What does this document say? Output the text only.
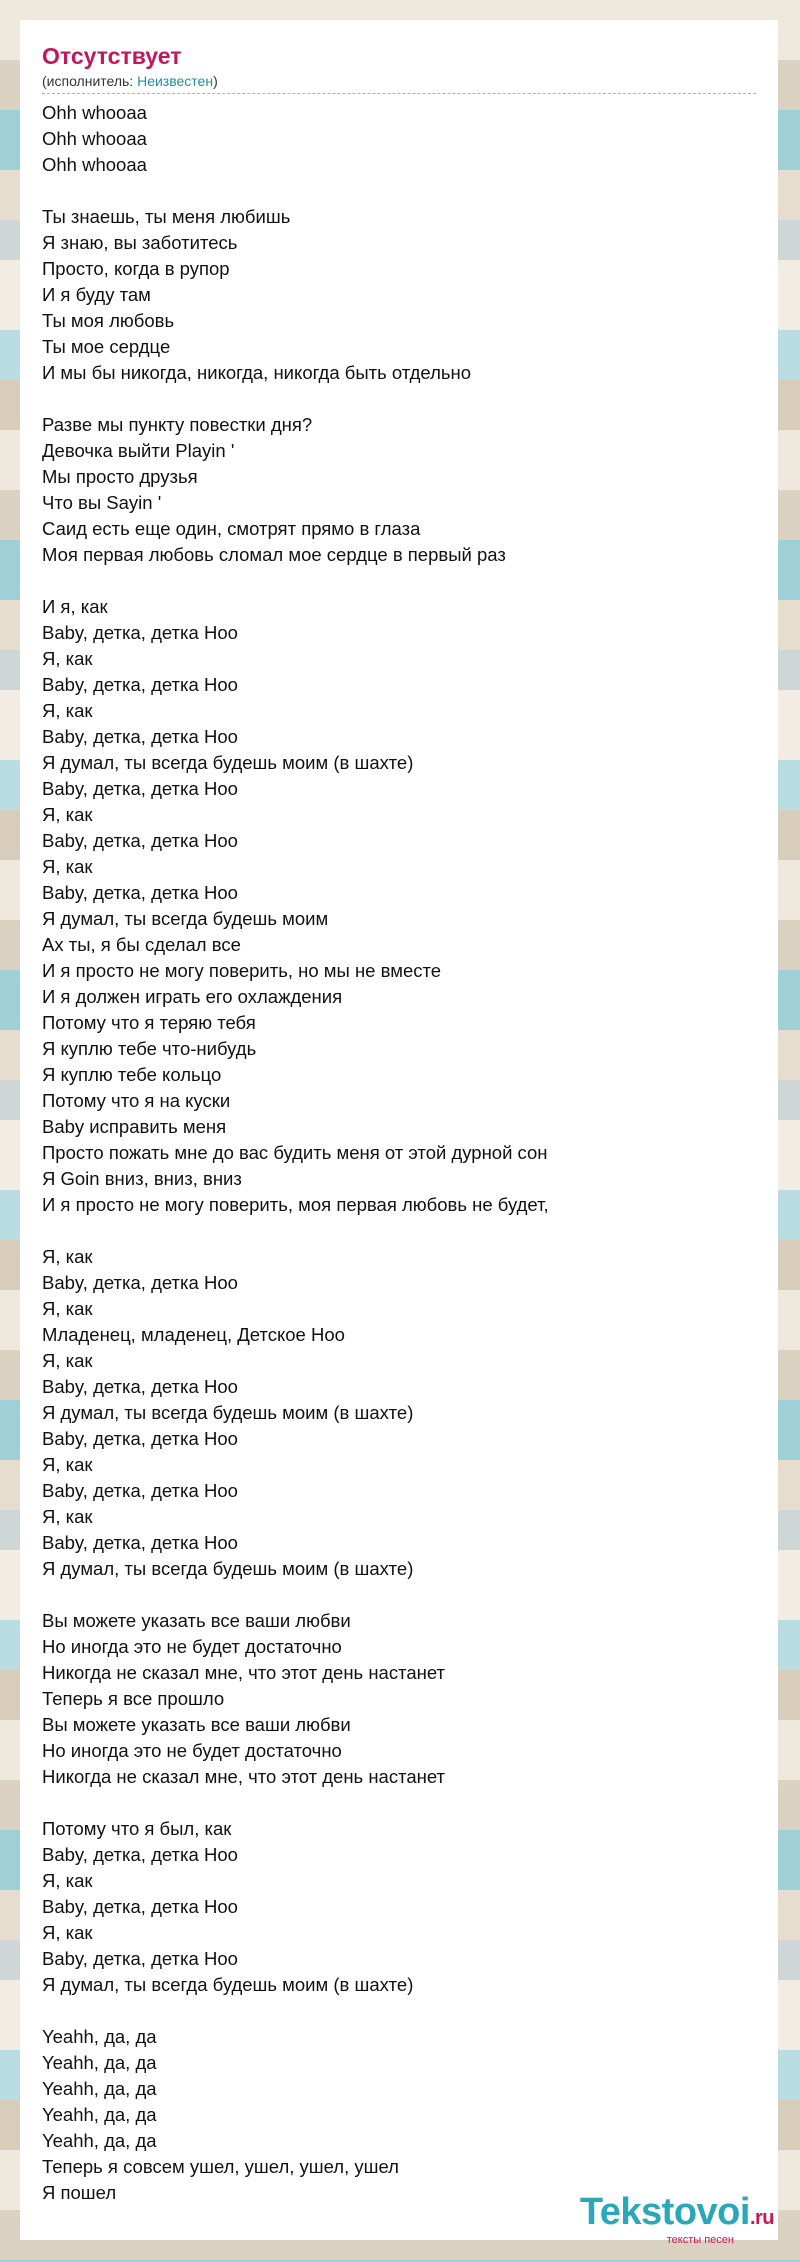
Отсутствует
(исполнитель: Неизвестен)
Ohh whooaa
Ohh whooaa
Ohh whooaa
Ты знаешь, ты меня любишь
Я знаю, вы заботитесь
Просто, когда в рупор
И я буду там
Ты моя любовь
Ты мое сердце
И мы бы никогда, никогда, никогда быть отдельно
Разве мы пункту повестки дня?
Девочка выйти Playin '
Мы просто друзья
Что вы Sayin '
Саид есть еще один, смотрят прямо в глаза
Моя первая любовь сломал мое сердце в первый раз
И я, как
Baby, детка, детка Hoo
Я, как
Baby, детка, детка Hoo
Я, как
Baby, детка, детка Hoo
Я думал, ты всегда будешь моим (в шахте)
Baby, детка, детка Hoo
Я, как
Baby, детка, детка Hoo
Я, как
Baby, детка, детка Hoo
Я думал, ты всегда будешь моим
Ах ты, я бы сделал все
И я просто не могу поверить, но мы не вместе
И я должен играть его охлаждения
Потому что я теряю тебя
Я куплю тебе что-нибудь
Я куплю тебе кольцо
Потому что я на куски
Baby исправить меня
Просто пожать мне до вас будить меня от этой дурной сон
Я Goin вниз, вниз, вниз
И я просто не могу поверить, моя первая любовь не будет,
Я, как
Baby, детка, детка Hoo
Я, как
Младенец, младенец, Детское Hoo
Я, как
Baby, детка, детка Hoo
Я думал, ты всегда будешь моим (в шахте)
Baby, детка, детка Hoo
Я, как
Baby, детка, детка Hoo
Я, как
Baby, детка, детка Hoo
Я думал, ты всегда будешь моим (в шахте)
Вы можете указать все ваши любви
Но иногда это не будет достаточно
Никогда не сказал мне, что этот день настанет
Теперь я все прошло
Вы можете указать все ваши любви
Но иногда это не будет достаточно
Никогда не сказал мне, что этот день настанет
Потому что я был, как
Baby, детка, детка Hoo
Я, как
Baby, детка, детка Hoo
Я, как
Baby, детка, детка Hoo
Я думал, ты всегда будешь моим (в шахте)
Yeahh, да, да
Yeahh, да, да
Yeahh, да, да
Yeahh, да, да
Yeahh, да, да
Теперь я совсем ушел, ушел, ушел, ушел
Я пошел	Tekstovoi.ru
тексты песен
